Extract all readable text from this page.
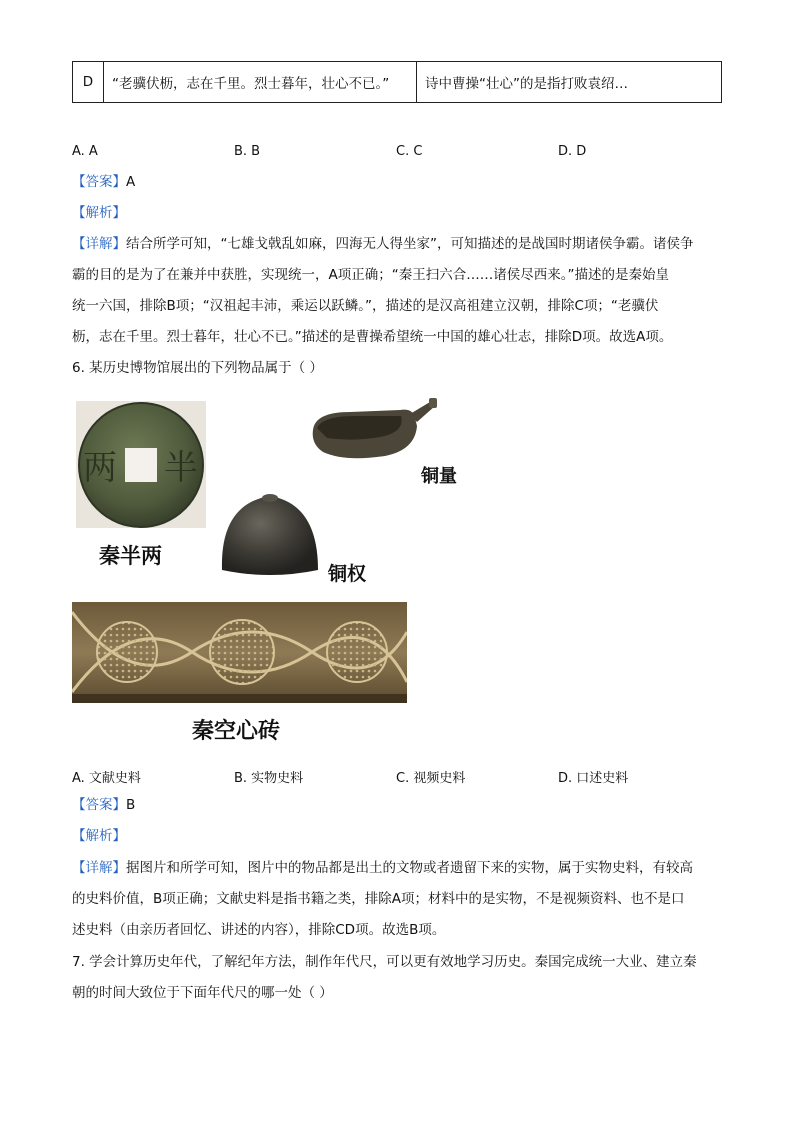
D	“老骥伏枥，志在千里。烈士暮年，壮心不已。”	诗中曹操“壮心”的是指打败袁绍…
A. A	B. B	C. C	D. D
【答案】A
【解析】
【详解】结合所学可知，“七雄戈戟乱如麻，四海无人得坐家”，可知描述的是战国时期诸侯争霸。诸侯争
霸的目的是为了在兼并中获胜，实现统一，A项正确；“秦王扫六合……诸侯尽西来。”描述的是秦始皇
统一六国，排除B项；“汉祖起丰沛，乘运以跃鳞。”，描述的是汉高祖建立汉朝，排除C项；“老骥伏
枥，志在千里。烈士暮年，壮心不已。”描述的是曹操希望统一中国的雄心壮志，排除D项。故选A项。
6. 某历史博物馆展出的下列物品属于（ ）
两 半
秦半两
铜量
铜权
秦空心砖
A. 文献史料	B. 实物史料	C. 视频史料	D. 口述史料
【答案】B
【解析】
【详解】据图片和所学可知，图片中的物品都是出土的文物或者遗留下来的实物，属于实物史料，有较高
的史料价值，B项正确；文献史料是指书籍之类，排除A项；材料中的是实物，不是视频资料、也不是口
述史料（由亲历者回忆、讲述的内容），排除CD项。故选B项。
7. 学会计算历史年代，了解纪年方法，制作年代尺，可以更有效地学习历史。秦国完成统一大业、建立秦
朝的时间大致位于下面年代尺的哪一处（ ）
